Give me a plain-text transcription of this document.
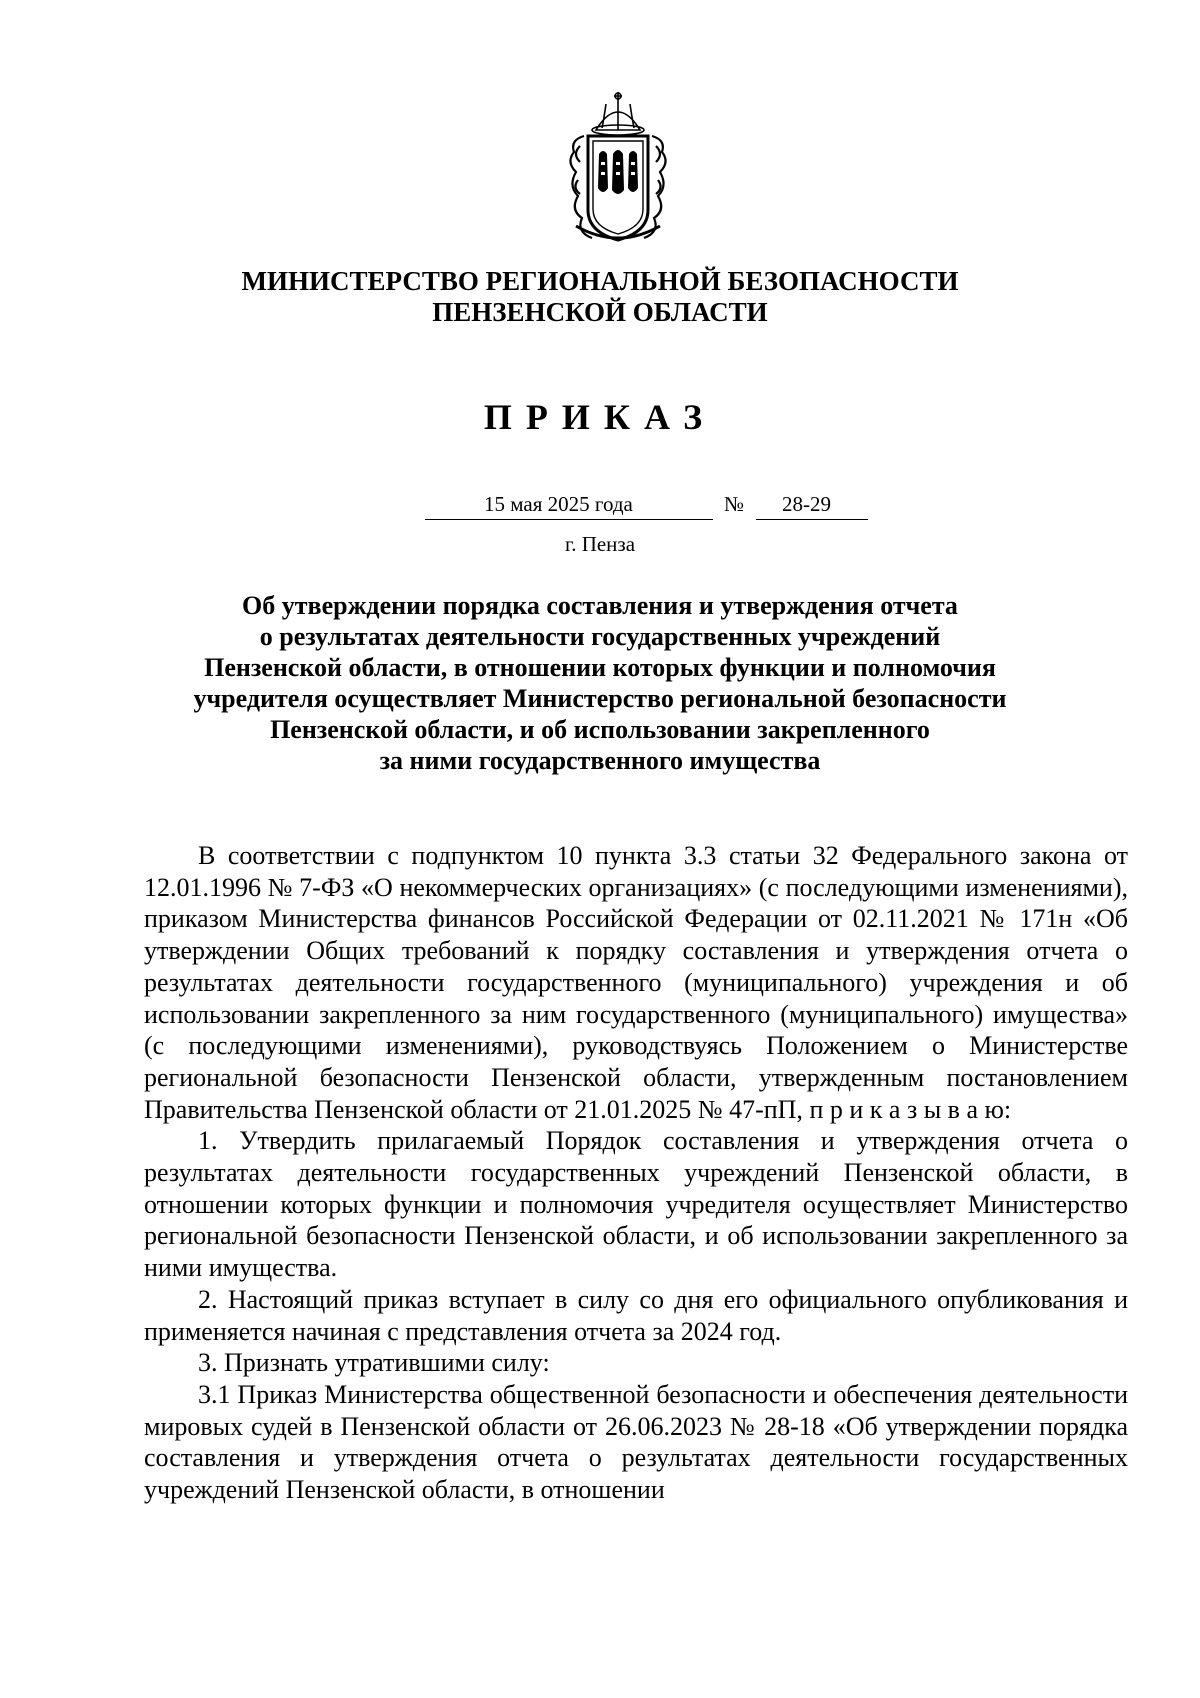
МИНИСТЕРСТВО РЕГИОНАЛЬНОЙ БЕЗОПАСНОСТИ
ПЕНЗЕНСКОЙ ОБЛАСТИ
ПРИКАЗ
15 мая 2025 года	№ 28-29
г. Пенза
Об утверждении порядка составления и утверждения отчета
о результатах деятельности государственных учреждений
Пензенской области, в отношении которых функции и полномочия
учредителя осуществляет Министерство региональной безопасности
Пензенской области, и об использовании закрепленного
за ними государственного имущества

В соответствии с подпунктом 10 пункта 3.3 статьи 32 Федерального закона от 12.01.1996 № 7-ФЗ «О некоммерческих организациях» (с последующими изменениями), приказом Министерства финансов Российской Федерации от 02.11.2021 № 171н «Об утверждении Общих требований к порядку составления и утверждения отчета о результатах деятельности государственного (муниципального) учреждения и об использовании закрепленного за ним государственного (муниципального) имущества» (с последующими изменениями), руководствуясь Положением о Министерстве региональной безопасности Пензенской области, утвержденным постановлением Правительства Пензенской области от 21.01.2025 № 47-пП, п р и к а з ы в а ю:

1. Утвердить прилагаемый Порядок составления и утверждения отчета о результатах деятельности государственных учреждений Пензенской области, в отношении которых функции и полномочия учредителя осуществляет Министерство региональной безопасности Пензенской области, и об использовании закрепленного за ними имущества.

2. Настоящий приказ вступает в силу со дня его официального опубликования и применяется начиная с представления отчета за 2024 год.

3. Признать утратившими силу:

3.1 Приказ Министерства общественной безопасности и обеспечения деятельности мировых судей в Пензенской области от 26.06.2023 № 28-18 «Об утверждении порядка составления и утверждения отчета о результатах деятельности государственных учреждений Пензенской области, в отношении
